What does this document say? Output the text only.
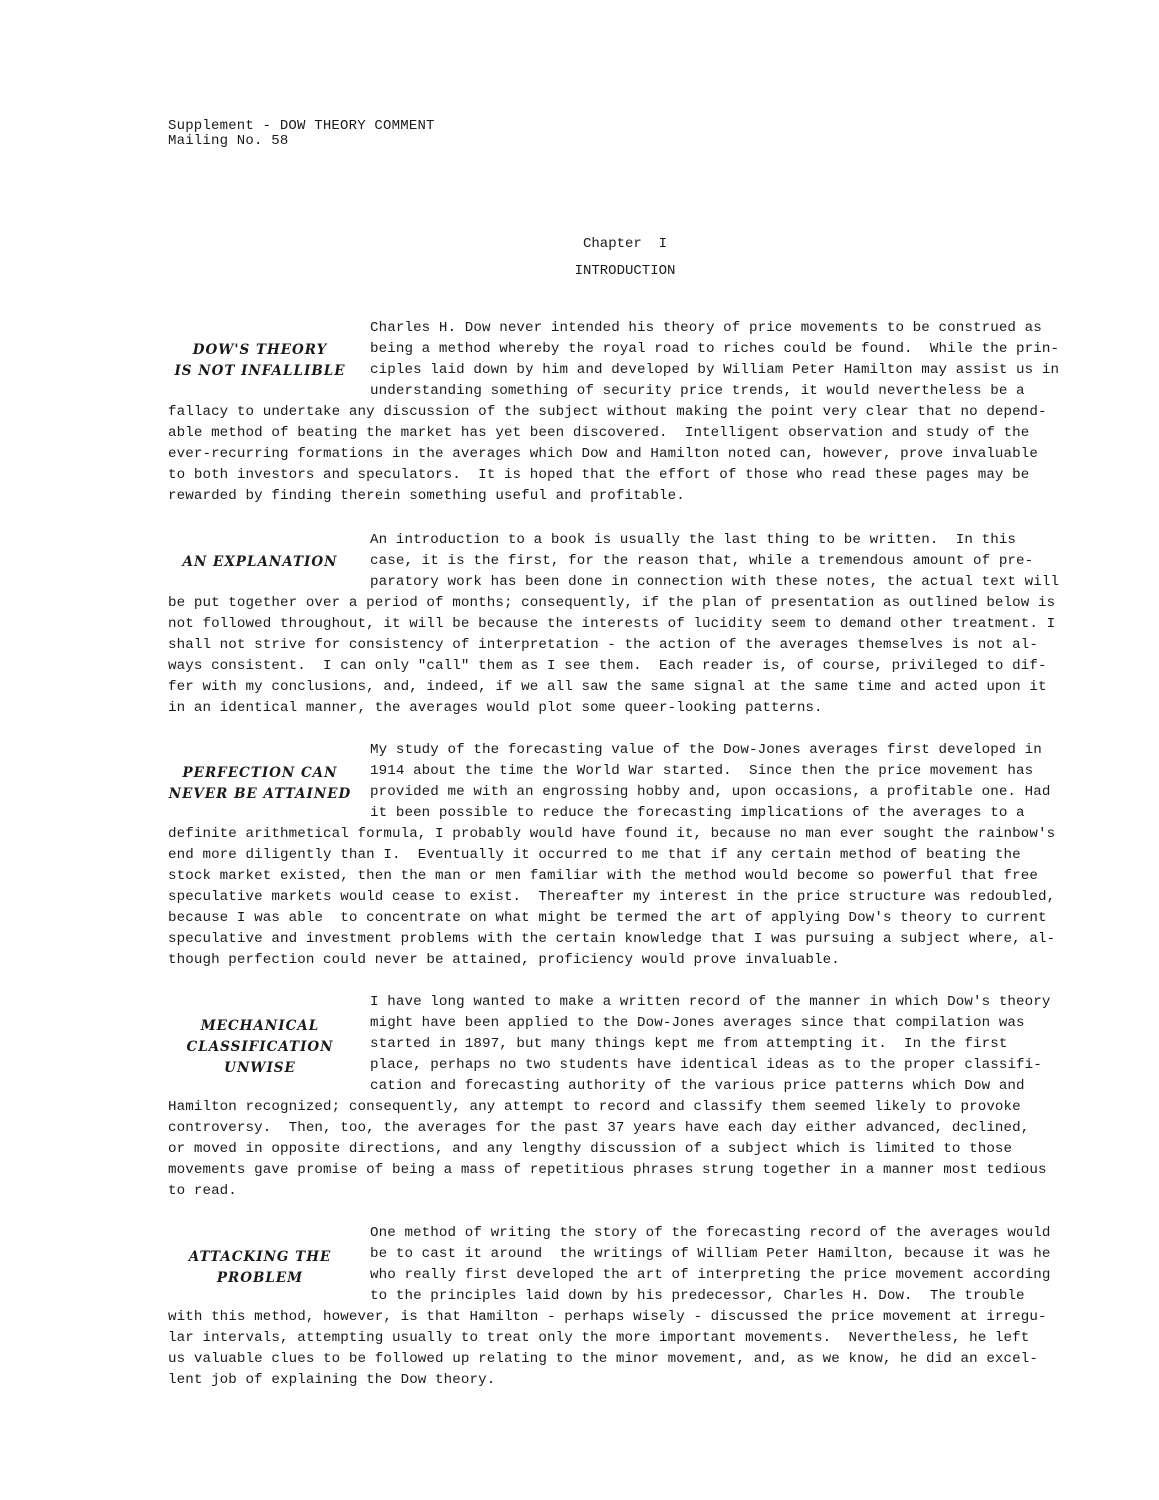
Supplement - DOW THEORY COMMENT
Mailing No. 58
Chapter  I
INTRODUCTION
DOW'S THEORY
IS NOT INFALLIBLE
Charles H. Dow never intended his theory of price movements to be construed as
being a method whereby the royal road to riches could be found.  While the prin-
ciples laid down by him and developed by William Peter Hamilton may assist us in
understanding something of security price trends, it would nevertheless be a
fallacy to undertake any discussion of the subject without making the point very clear that no depend-
able method of beating the market has yet been discovered.  Intelligent observation and study of the
ever-recurring formations in the averages which Dow and Hamilton noted can, however, prove invaluable
to both investors and speculators.  It is hoped that the effort of those who read these pages may be
rewarded by finding therein something useful and profitable.
AN EXPLANATION
An introduction to a book is usually the last thing to be written.  In this
case, it is the first, for the reason that, while a tremendous amount of pre-
paratory work has been done in connection with these notes, the actual text will
be put together over a period of months; consequently, if the plan of presentation as outlined below is
not followed throughout, it will be because the interests of lucidity seem to demand other treatment. I
shall not strive for consistency of interpretation - the action of the averages themselves is not al-
ways consistent.  I can only "call" them as I see them.  Each reader is, of course, privileged to dif-
fer with my conclusions, and, indeed, if we all saw the same signal at the same time and acted upon it
in an identical manner, the averages would plot some queer-looking patterns.
PERFECTION CAN
NEVER BE ATTAINED
My study of the forecasting value of the Dow-Jones averages first developed in
1914 about the time the World War started.  Since then the price movement has
provided me with an engrossing hobby and, upon occasions, a profitable one. Had
it been possible to reduce the forecasting implications of the averages to a
definite arithmetical formula, I probably would have found it, because no man ever sought the rainbow's
end more diligently than I.  Eventually it occurred to me that if any certain method of beating the
stock market existed, then the man or men familiar with the method would become so powerful that free
speculative markets would cease to exist.  Thereafter my interest in the price structure was redoubled,
because I was able  to concentrate on what might be termed the art of applying Dow's theory to current
speculative and investment problems with the certain knowledge that I was pursuing a subject where, al-
though perfection could never be attained, proficiency would prove invaluable.
MECHANICAL
CLASSIFICATION
UNWISE
I have long wanted to make a written record of the manner in which Dow's theory
might have been applied to the Dow-Jones averages since that compilation was
started in 1897, but many things kept me from attempting it.  In the first
place, perhaps no two students have identical ideas as to the proper classifi-
cation and forecasting authority of the various price patterns which Dow and
Hamilton recognized; consequently, any attempt to record and classify them seemed likely to provoke
controversy.  Then, too, the averages for the past 37 years have each day either advanced, declined,
or moved in opposite directions, and any lengthy discussion of a subject which is limited to those
movements gave promise of being a mass of repetitious phrases strung together in a manner most tedious
to read.
ATTACKING THE
PROBLEM
One method of writing the story of the forecasting record of the averages would
be to cast it around  the writings of William Peter Hamilton, because it was he
who really first developed the art of interpreting the price movement according
to the principles laid down by his predecessor, Charles H. Dow.  The trouble
with this method, however, is that Hamilton - perhaps wisely - discussed the price movement at irregu-
lar intervals, attempting usually to treat only the more important movements.  Nevertheless, he left
us valuable clues to be followed up relating to the minor movement, and, as we know, he did an excel-
lent job of explaining the Dow theory.
